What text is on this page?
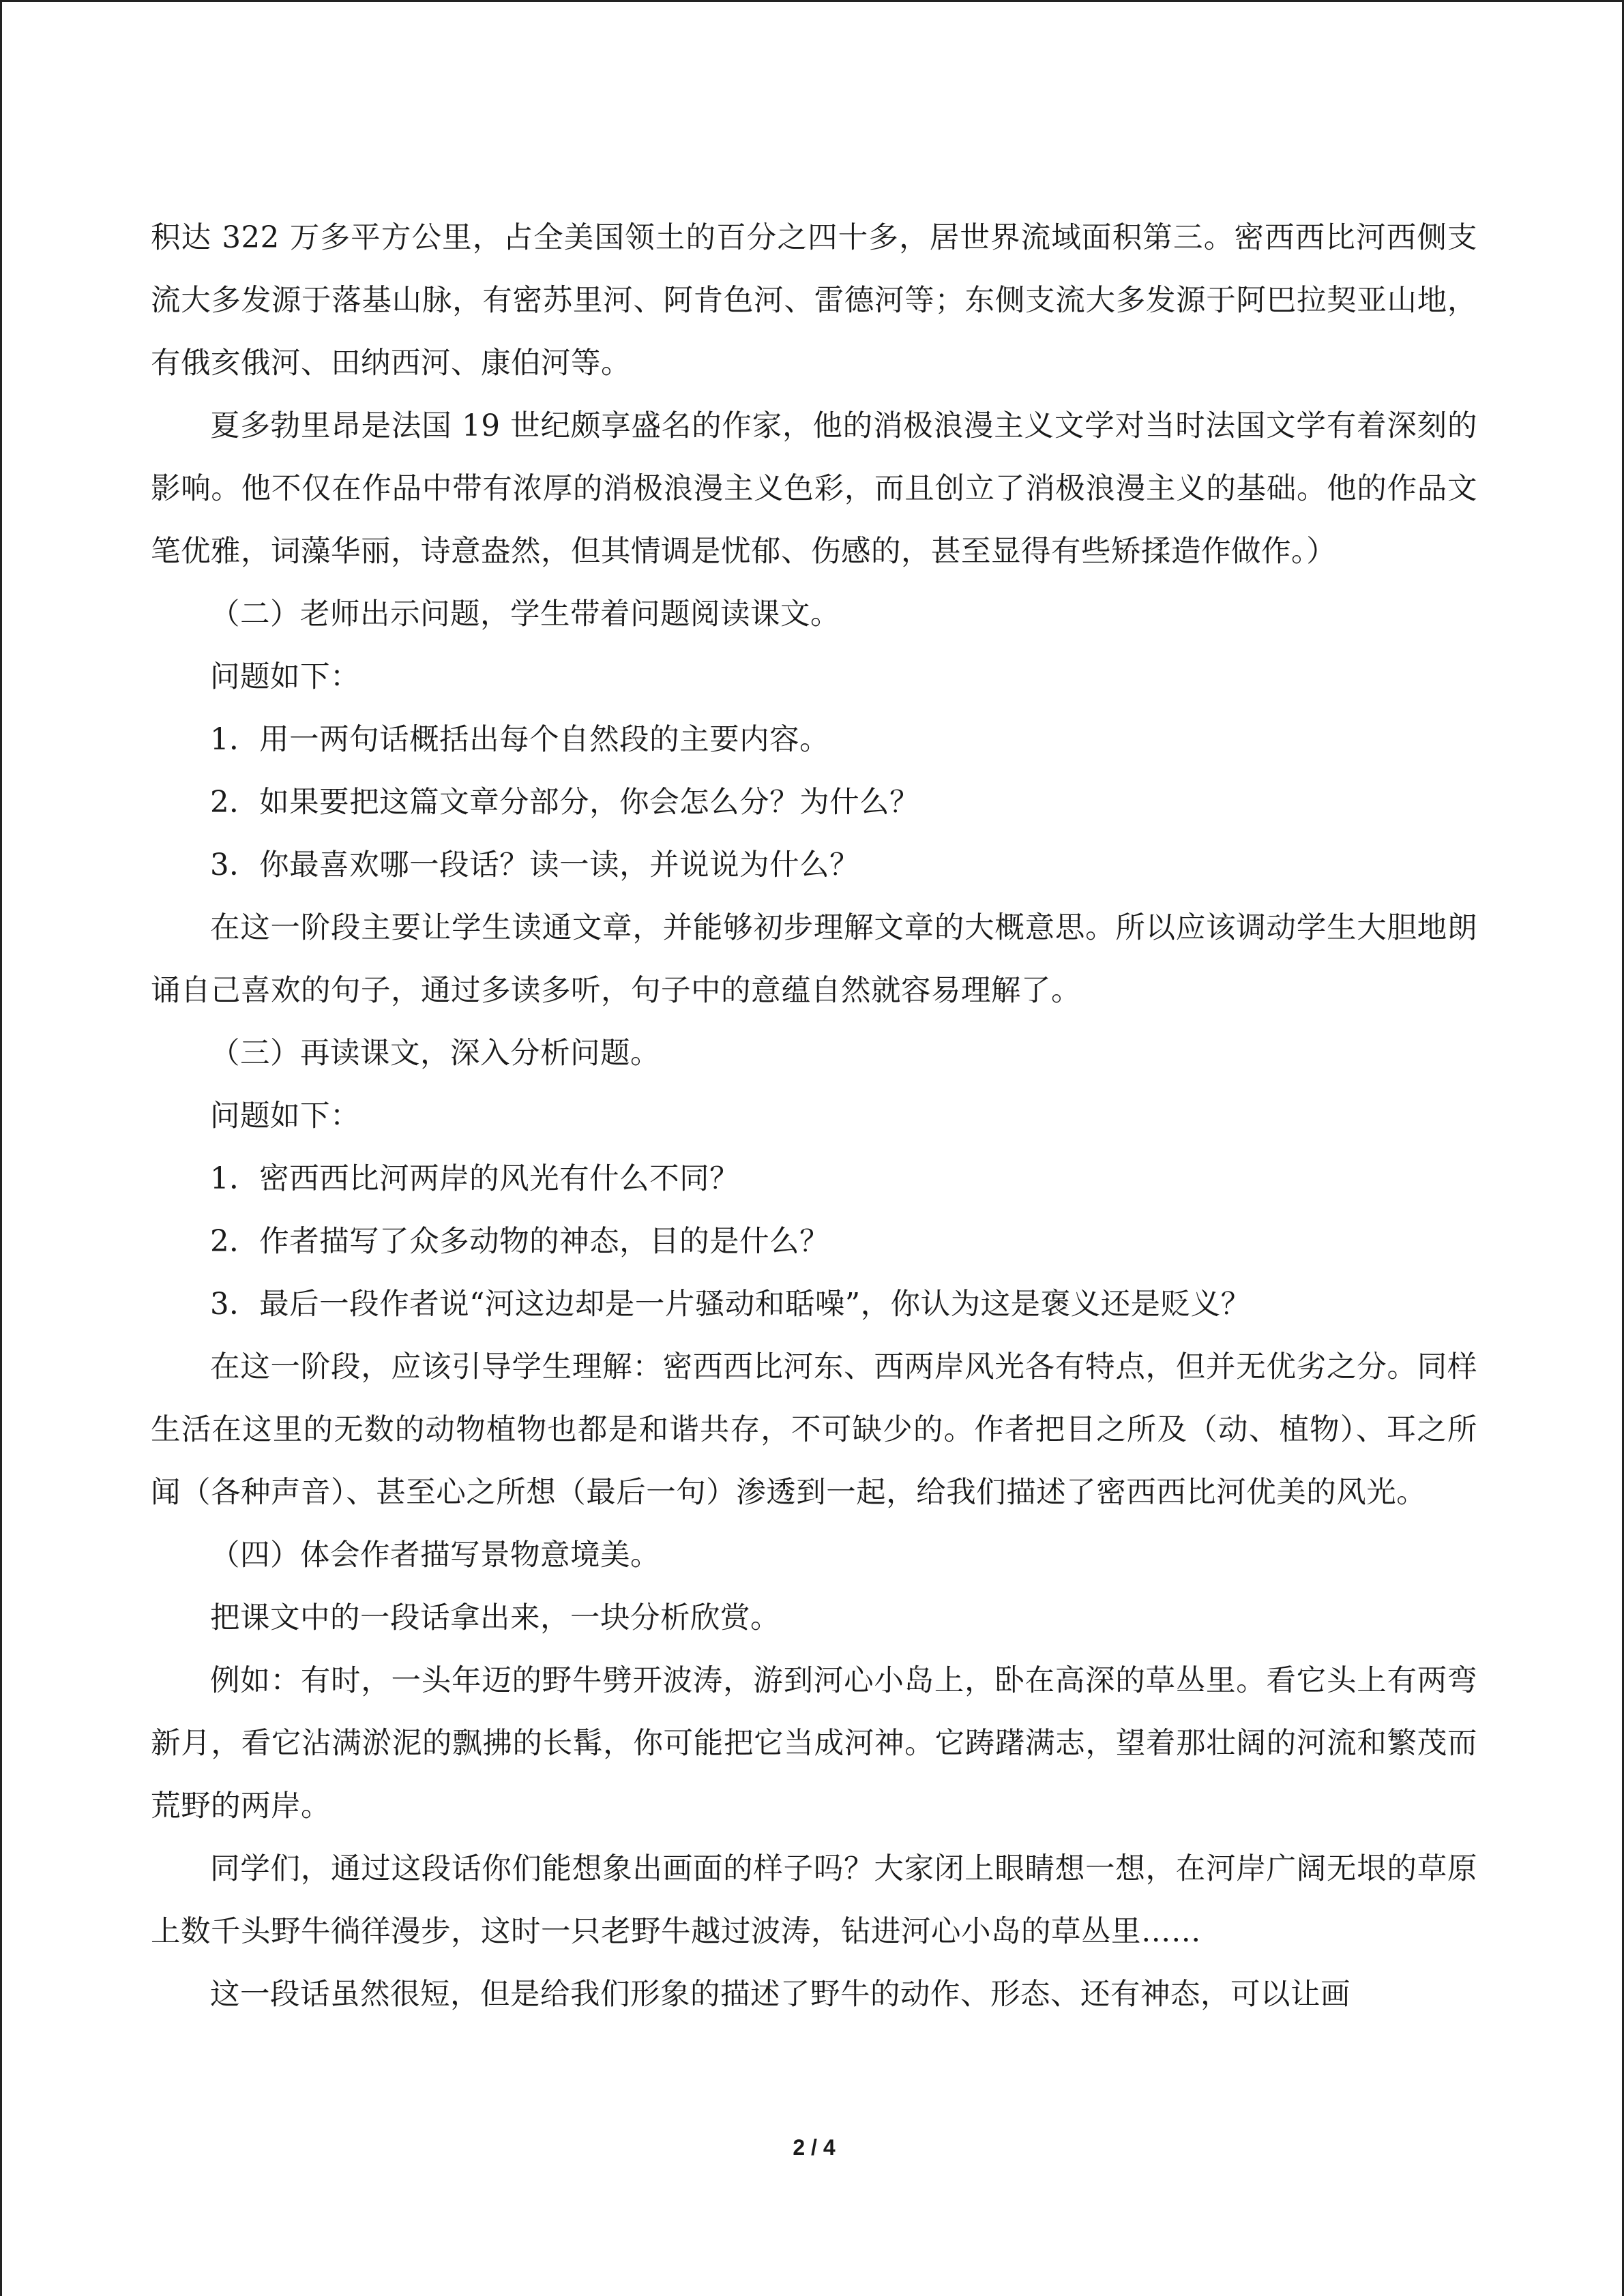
积达 322 万多平方公里，占全美国领土的百分之四十多，居世界流域面积第三。密西西比河西侧支流大多发源于落基山脉，有密苏里河、阿肯色河、雷德河等；东侧支流大多发源于阿巴拉契亚山地，有俄亥俄河、田纳西河、康伯河等。

夏多勃里昂是法国 19 世纪颇享盛名的作家，他的消极浪漫主义文学对当时法国文学有着深刻的影响。他不仅在作品中带有浓厚的消极浪漫主义色彩，而且创立了消极浪漫主义的基础。他的作品文笔优雅，词藻华丽，诗意盎然，但其情调是忧郁、伤感的，甚至显得有些矫揉造作做作。）

（二）老师出示问题，学生带着问题阅读课文。

问题如下：

1．用一两句话概括出每个自然段的主要内容。

2．如果要把这篇文章分部分，你会怎么分？为什么？

3．你最喜欢哪一段话？读一读，并说说为什么？

在这一阶段主要让学生读通文章，并能够初步理解文章的大概意思。所以应该调动学生大胆地朗诵自己喜欢的句子，通过多读多听，句子中的意蕴自然就容易理解了。

（三）再读课文，深入分析问题。

问题如下：

1．密西西比河两岸的风光有什么不同？

2．作者描写了众多动物的神态，目的是什么？

3．最后一段作者说“河这边却是一片骚动和聒噪”，你认为这是褒义还是贬义？

在这一阶段，应该引导学生理解：密西西比河东、西两岸风光各有特点，但并无优劣之分。同样生活在这里的无数的动物植物也都是和谐共存，不可缺少的。作者把目之所及（动、植物）、耳之所闻（各种声音）、甚至心之所想（最后一句）渗透到一起，给我们描述了密西西比河优美的风光。

（四）体会作者描写景物意境美。

把课文中的一段话拿出来，一块分析欣赏。

例如：有时，一头年迈的野牛劈开波涛，游到河心小岛上，卧在高深的草丛里。看它头上有两弯新月，看它沾满淤泥的飘拂的长髯，你可能把它当成河神。它踌躇满志，望着那壮阔的河流和繁茂而荒野的两岸。

同学们，通过这段话你们能想象出画面的样子吗？大家闭上眼睛想一想，在河岸广阔无垠的草原上数千头野牛徜徉漫步，这时一只老野牛越过波涛，钻进河心小岛的草丛里……

这一段话虽然很短，但是给我们形象的描述了野牛的动作、形态、还有神态，可以让画

2 / 4
